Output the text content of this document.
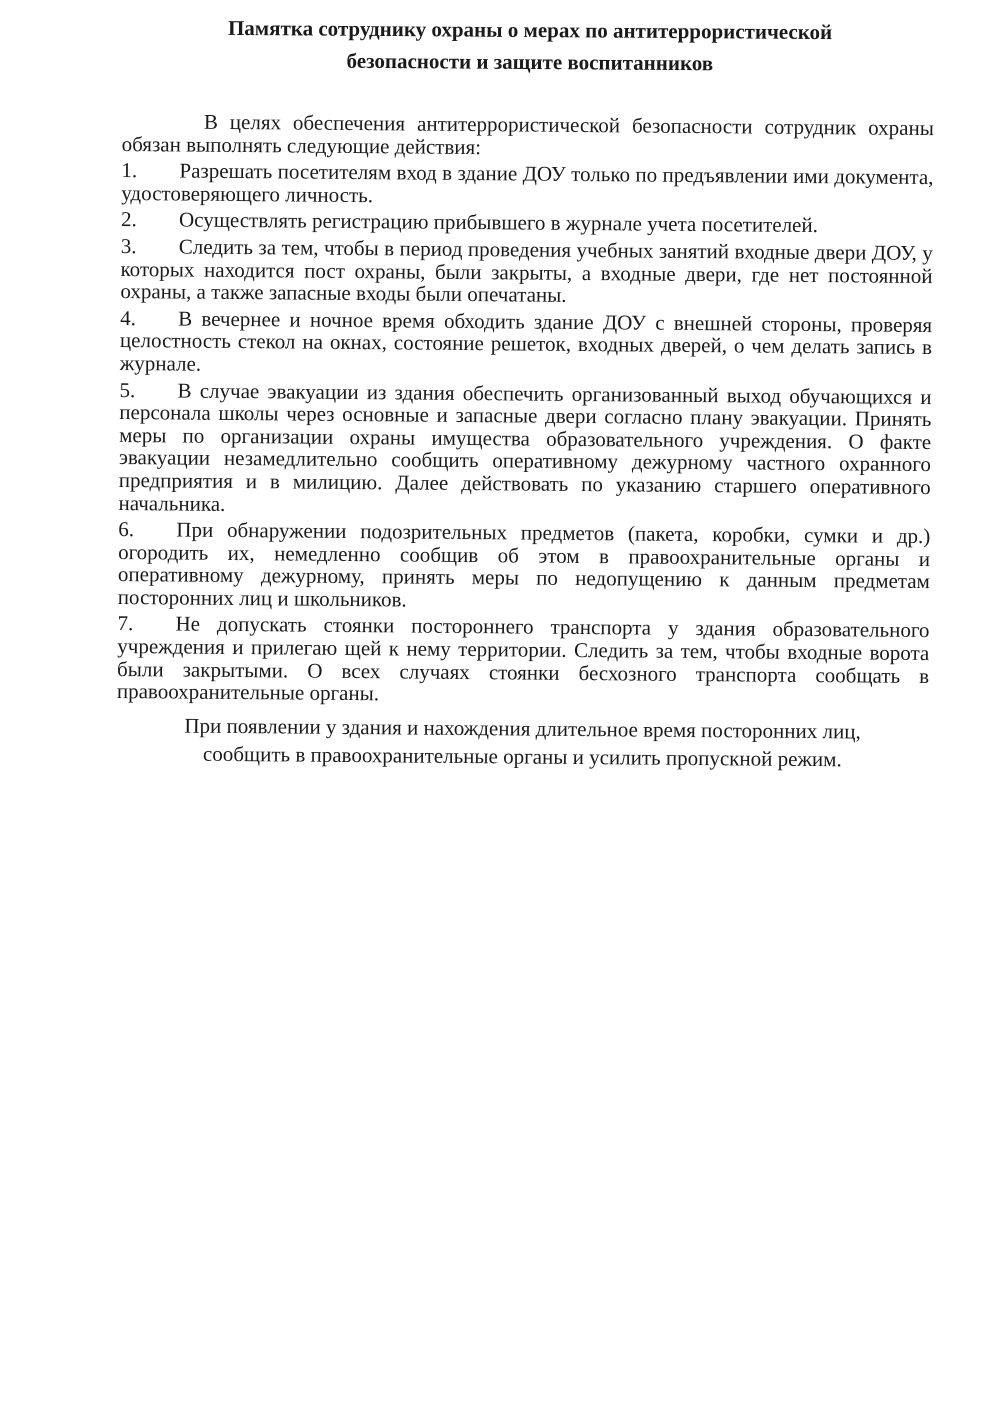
Памятка сотруднику охраны о мерах по антитеррористической
безопасности и защите воспитанников

В целях обеспечения антитеррористической безопасности сотрудник охраны обязан выполнять следующие действия:

1. Разрешать посетителям вход в здание ДОУ только по предъявлении ими документа, удостоверяющего личность.

2. Осуществлять регистрацию прибывшего в журнале учета посетителей.

3. Следить за тем, чтобы в период проведения учебных занятий входные двери ДОУ, у которых находится пост охраны, были закрыты, а входные двери, где нет постоянной охраны, а также запасные входы были опечатаны.

4. В вечернее и ночное время обходить здание ДОУ с внешней стороны, проверяя целостность стекол на окнах, состояние решеток, входных дверей, о чем делать запись в журнале.

5. В случае эвакуации из здания обеспечить организованный выход обучающихся и персонала школы через основные и запасные двери согласно плану эвакуации. Принять меры по организации охраны имущества образовательного учреждения. О факте эвакуации незамедлительно сообщить оперативному дежурному частного охранного предприятия и в милицию. Далее действовать по указанию старшего оперативного начальника.

6. При обнаружении подозрительных предметов (пакета, коробки, сумки и др.) огородить их, немедленно сообщив об этом в правоохранительные органы и оперативному дежурному, принять меры по недопущению к данным предметам посторонних лиц и школьников.

7. Не допускать стоянки постороннего транспорта у здания образовательного учреждения и прилегаю щей к нему территории. Следить за тем, чтобы входные ворота были закрытыми. О всех случаях стоянки бесхозного транспорта сообщать в правоохранительные органы.

При появлении у здания и нахождения длительное время посторонних лиц,
сообщить в правоохранительные органы и усилить пропускной режим.
